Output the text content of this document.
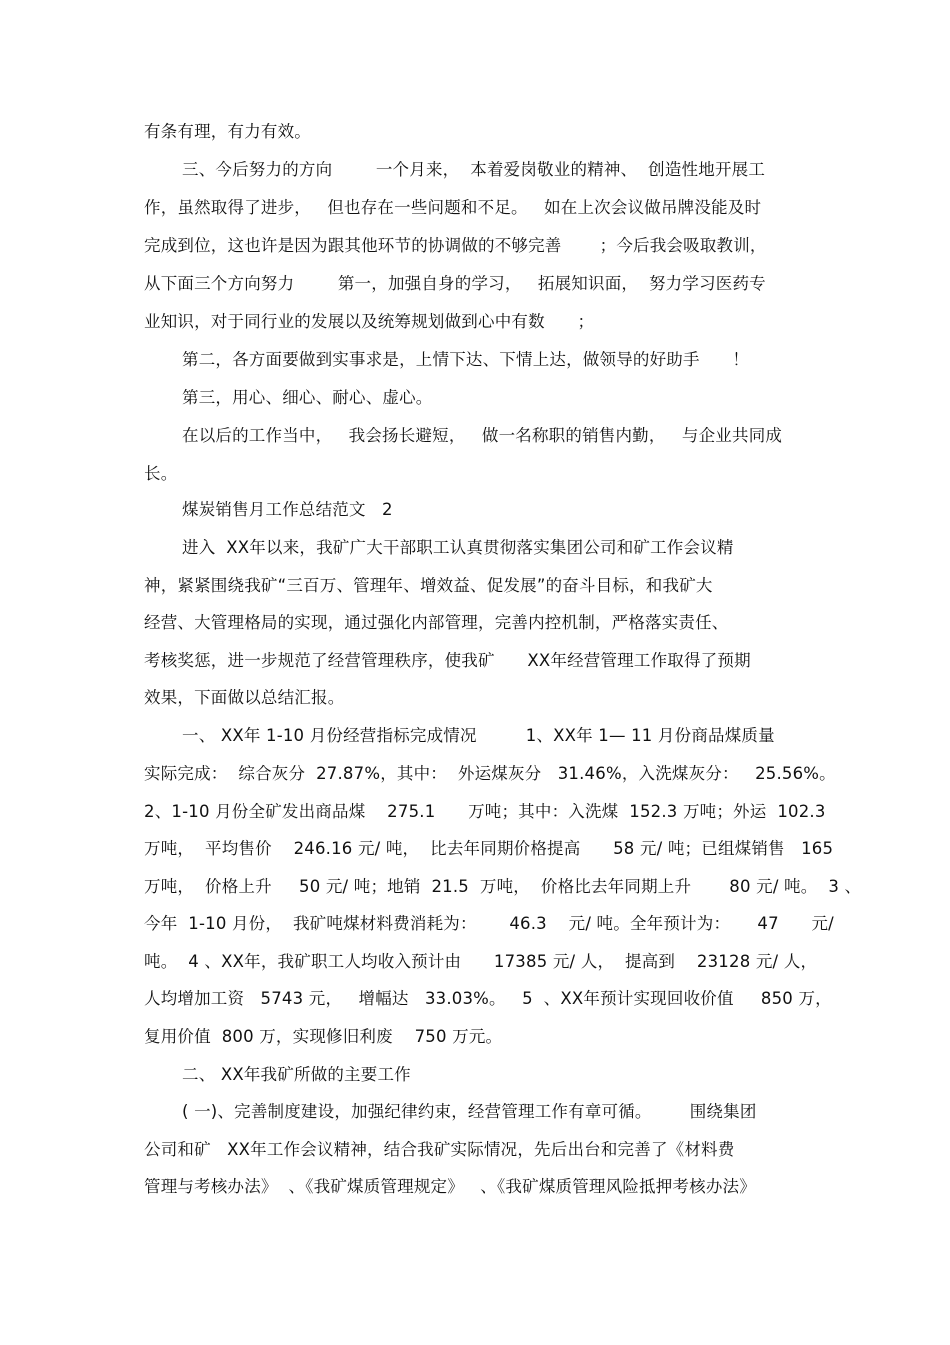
有条有理，有力有效。
三、今后努力的方向        一个月来，  本着爱岗敬业的精神、  创造性地开展工
作，虽然取得了进步，   但也存在一些问题和不足。   如在上次会议做吊牌没能及时
完成到位，这也许是因为跟其他环节的协调做的不够完善       ；今后我会吸取教训，
从下面三个方向努力        第一，加强自身的学习，   拓展知识面，  努力学习医药专
业知识，对于同行业的发展以及统筹规划做到心中有数      ；
第二，各方面要做到实事求是，上情下达、下情上达，做领导的好助手      ！
第三，用心、细心、耐心、虚心。
在以后的工作当中，   我会扬长避短，   做一名称职的销售内勤，   与企业共同成
长。
煤炭销售月工作总结范文   2
进入  XX年以来，我矿广大干部职工认真贯彻落实集团公司和矿工作会议精
神，紧紧围绕我矿“三百万、管理年、增效益、促发展”的奋斗目标，和我矿大
经营、大管理格局的实现，通过强化内部管理，完善内控机制，严格落实责任、
考核奖惩，进一步规范了经营管理秩序，使我矿      XX年经营管理工作取得了预期
效果，下面做以总结汇报。
一、 XX年 1-10 月份经营指标完成情况         1、XX年 1— 11 月份商品煤质量
实际完成：  综合灰分  27.87%，其中：  外运煤灰分   31.46%，入洗煤灰分：   25.56%。
2、1-10 月份全矿发出商品煤    275.1      万吨；其中：入洗煤  152.3 万吨；外运  102.3
万吨，  平均售价    246.16 元/ 吨，  比去年同期价格提高      58 元/ 吨；已组煤销售   165
万吨，  价格上升     50 元/ 吨；地销  21.5  万吨，  价格比去年同期上升       80 元/ 吨。  3 、
今年  1-10 月份，  我矿吨煤材料费消耗为：      46.3    元/ 吨。全年预计为：     47      元/
吨。  4 、XX年，我矿职工人均收入预计由      17385 元/ 人，  提高到    23128 元/ 人，
人均增加工资   5743 元，   增幅达   33.03%。   5  、XX年预计实现回收价值     850 万，
复用价值  800 万，实现修旧利废    750 万元。
二、 XX年我矿所做的主要工作
( 一)、完善制度建设，加强纪律约束，经营管理工作有章可循。       围绕集团
公司和矿   XX年工作会议精神，结合我矿实际情况，先后出台和完善了《材料费
管理与考核办法》  、《我矿煤质管理规定》   、《我矿煤质管理风险抵押考核办法》
